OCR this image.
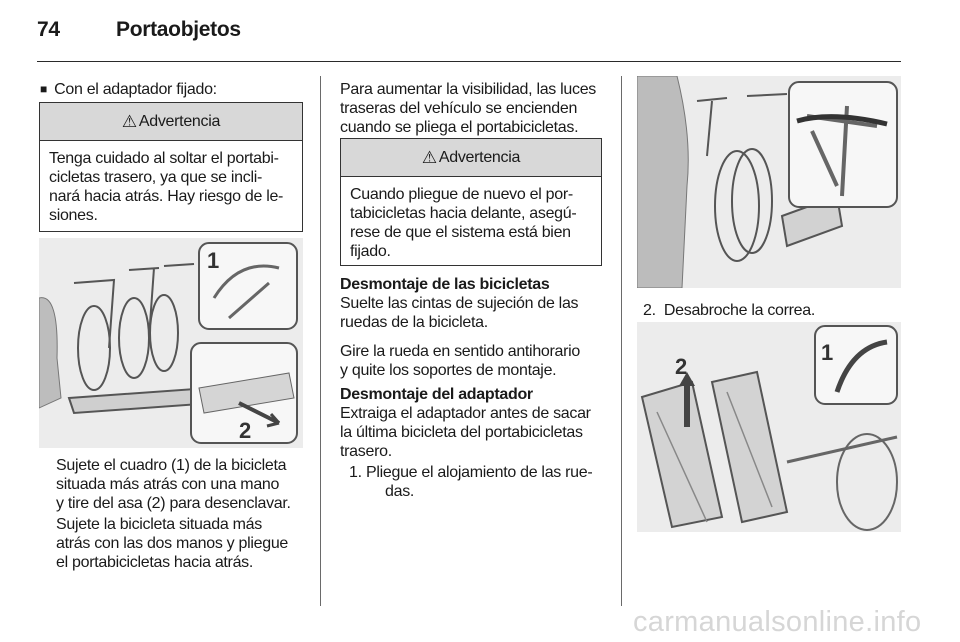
74	Portaobjetos
■ Con el adaptador fijado:
⚠ Advertencia
Tenga cuidado al soltar el portabi-
cicletas trasero, ya que se incli-
nará hacia atrás. Hay riesgo de le-
siones.
1
2
Sujete el cuadro (1) de la bicicleta
situada más atrás con una mano
y tire del asa (2) para desenclavar.
Sujete la bicicleta situada más
atrás con las dos manos y pliegue
el portabicicletas hacia atrás.
Para aumentar la visibilidad, las luces
traseras del vehículo se encienden
cuando se pliega el portabicicletas.
⚠ Advertencia
Cuando pliegue de nuevo el por-
tabicicletas hacia delante, asegú-
rese de que el sistema está bien
fijado.
Desmontaje de las bicicletas
Suelte las cintas de sujeción de las
ruedas de la bicicleta.
Gire la rueda en sentido antihorario
y quite los soportes de montaje.
Desmontaje del adaptador
Extraiga el adaptador antes de sacar
la última bicicleta del portabicicletas
trasero.
1. Pliegue el alojamiento de las rue-
das.
2. Desabroche la correa.
2
1
carmanualsonline.info
